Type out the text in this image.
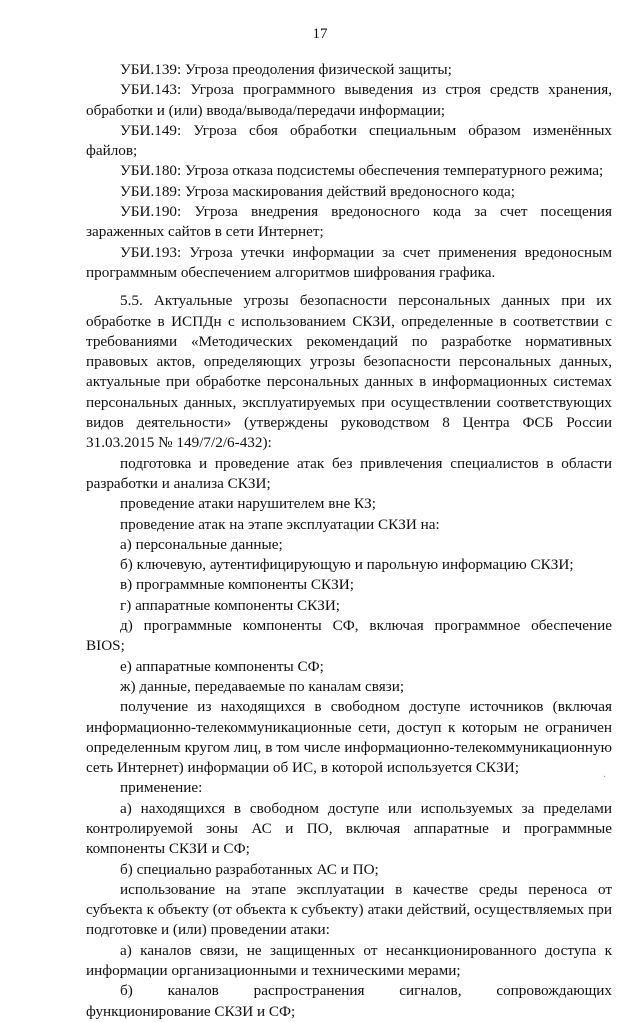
17

УБИ.139: Угроза преодоления физической защиты;

УБИ.143: Угроза программного выведения из строя средств хранения, обработки и (или) ввода/вывода/передачи информации;

УБИ.149: Угроза сбоя обработки специальным образом изменённых файлов;

УБИ.180: Угроза отказа подсистемы обеспечения температурного режима;

УБИ.189: Угроза маскирования действий вредоносного кода;

УБИ.190: Угроза внедрения вредоносного кода за счет посещения зараженных сайтов в сети Интернет;

УБИ.193: Угроза утечки информации за счет применения вредоносным программным обеспечением алгоритмов шифрования графика.

5.5. Актуальные угрозы безопасности персональных данных при их обработке в ИСПДн с использованием СКЗИ, определенные в соответствии с требованиями «Методических рекомендаций по разработке нормативных правовых актов, определяющих угрозы безопасности персональных данных, актуальные при обработке персональных данных в информационных системах персональных данных, эксплуатируемых при осуществлении соответствующих видов деятельности» (утверждены руководством 8 Центра ФСБ России 31.03.2015 № 149/7/2/6-432):

подготовка и проведение атак без привлечения специалистов в области разработки и анализа СКЗИ;

проведение атаки нарушителем вне КЗ;

проведение атак на этапе эксплуатации СКЗИ на:

а) персональные данные;

б) ключевую, аутентифицирующую и парольную информацию СКЗИ;

в) программные компоненты СКЗИ;

г) аппаратные компоненты СКЗИ;

д) программные компоненты СФ, включая программное обеспечение BIOS;

е) аппаратные компоненты СФ;

ж) данные, передаваемые по каналам связи;

получение из находящихся в свободном доступе источников (включая информационно-телекоммуникационные сети, доступ к которым не ограничен определенным кругом лиц, в том числе информационно-телекоммуникационную сеть Интернет) информации об ИС, в которой используется СКЗИ;

применение:

а) находящихся в свободном доступе или используемых за пределами контролируемой зоны АС и ПО, включая аппаратные и программные компоненты СКЗИ и СФ;

б) специально разработанных АС и ПО;

использование на этапе эксплуатации в качестве среды переноса от субъекта к объекту (от объекта к субъекту) атаки действий, осуществляемых при подготовке и (или) проведении атаки:

а) каналов связи, не защищенных от несанкционированного доступа к информации организационными и техническими мерами;

б) каналов распространения сигналов, сопровождающих функционирование СКЗИ и СФ;

·
